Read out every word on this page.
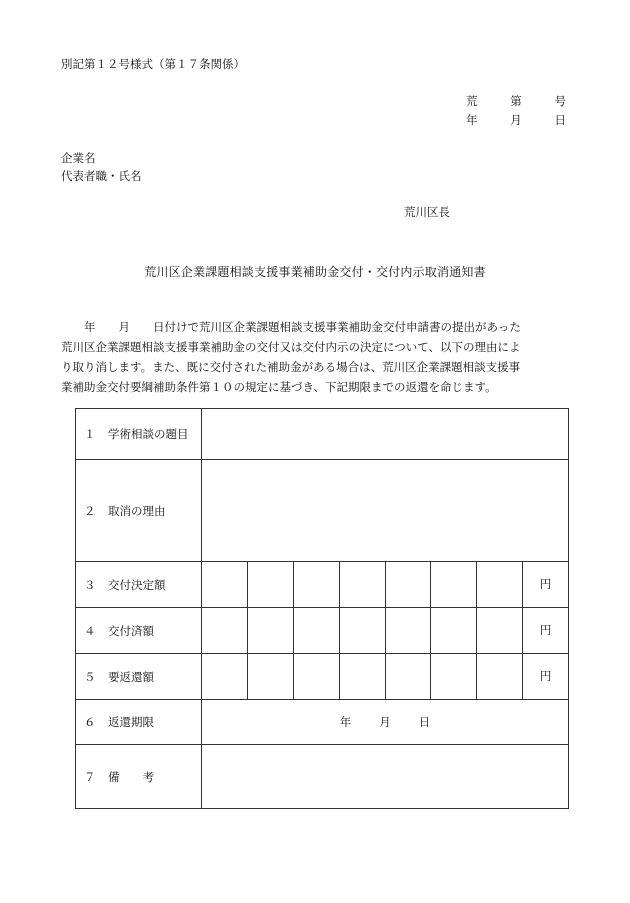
別記第１２号様式（第１７条関係）
荒	第	号
年	月	日
企業名
代表者職・氏名
荒川区長
荒川区企業課題相談支援事業補助金交付・交付内示取消通知書
　　年　　月　　日付けで荒川区企業課題相談支援事業補助金交付申請書の提出があった
荒川区企業課題相談支援事業補助金の交付又は交付内示の決定について、以下の理由によ
り取り消します。また、既に交付された補助金がある場合は、荒川区企業課題相談支援事
業補助金交付要綱補助条件第１０の規定に基づき、下記期限までの返還を命じます。
１ 学術相談の題目								
２ 取消の理由								
３ 交付決定額								円
４ 交付済額								円
５ 要返還額								円
６ 返還期限	年 月 日							

７ 備　　考								
